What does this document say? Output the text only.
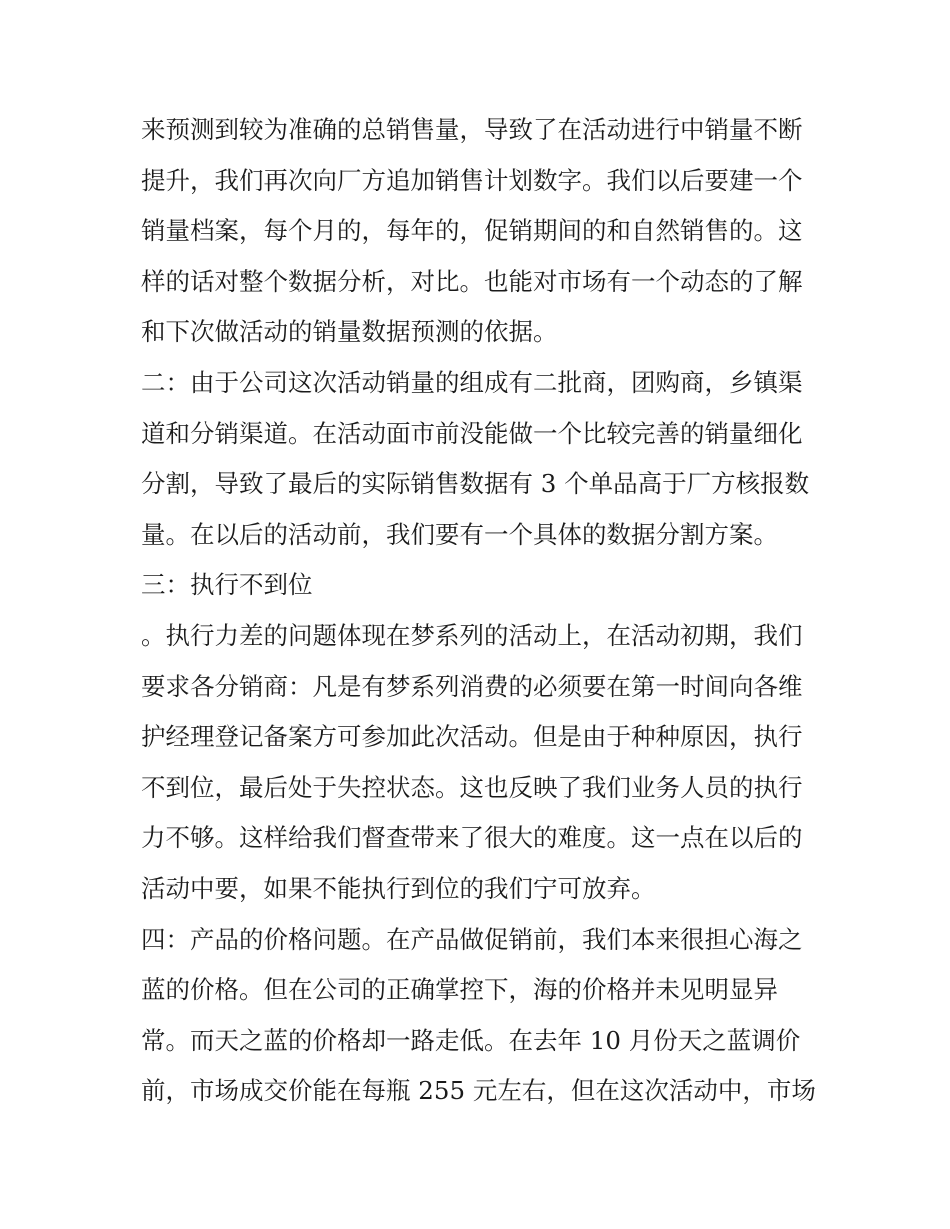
来预测到较为准确的总销售量，导致了在活动进行中销量不断
提升，我们再次向厂方追加销售计划数字。我们以后要建一个
销量档案，每个月的，每年的，促销期间的和自然销售的。这
样的话对整个数据分析，对比。也能对市场有一个动态的了解
和下次做活动的销量数据预测的依据。
二：由于公司这次活动销量的组成有二批商，团购商，乡镇渠
道和分销渠道。在活动面市前没能做一个比较完善的销量细化
分割，导致了最后的实际销售数据有 3 个单品高于厂方核报数
量。在以后的活动前，我们要有一个具体的数据分割方案。
三：执行不到位
。执行力差的问题体现在梦系列的活动上，在活动初期，我们
要求各分销商：凡是有梦系列消费的必须要在第一时间向各维
护经理登记备案方可参加此次活动。但是由于种种原因，执行
不到位，最后处于失控状态。这也反映了我们业务人员的执行
力不够。这样给我们督查带来了很大的难度。这一点在以后的
活动中要，如果不能执行到位的我们宁可放弃。
四：产品的价格问题。在产品做促销前，我们本来很担心海之
蓝的价格。但在公司的正确掌控下，海的价格并未见明显异
常。而天之蓝的价格却一路走低。在去年 10 月份天之蓝调价
前，市场成交价能在每瓶 255 元左右，但在这次活动中，市场
